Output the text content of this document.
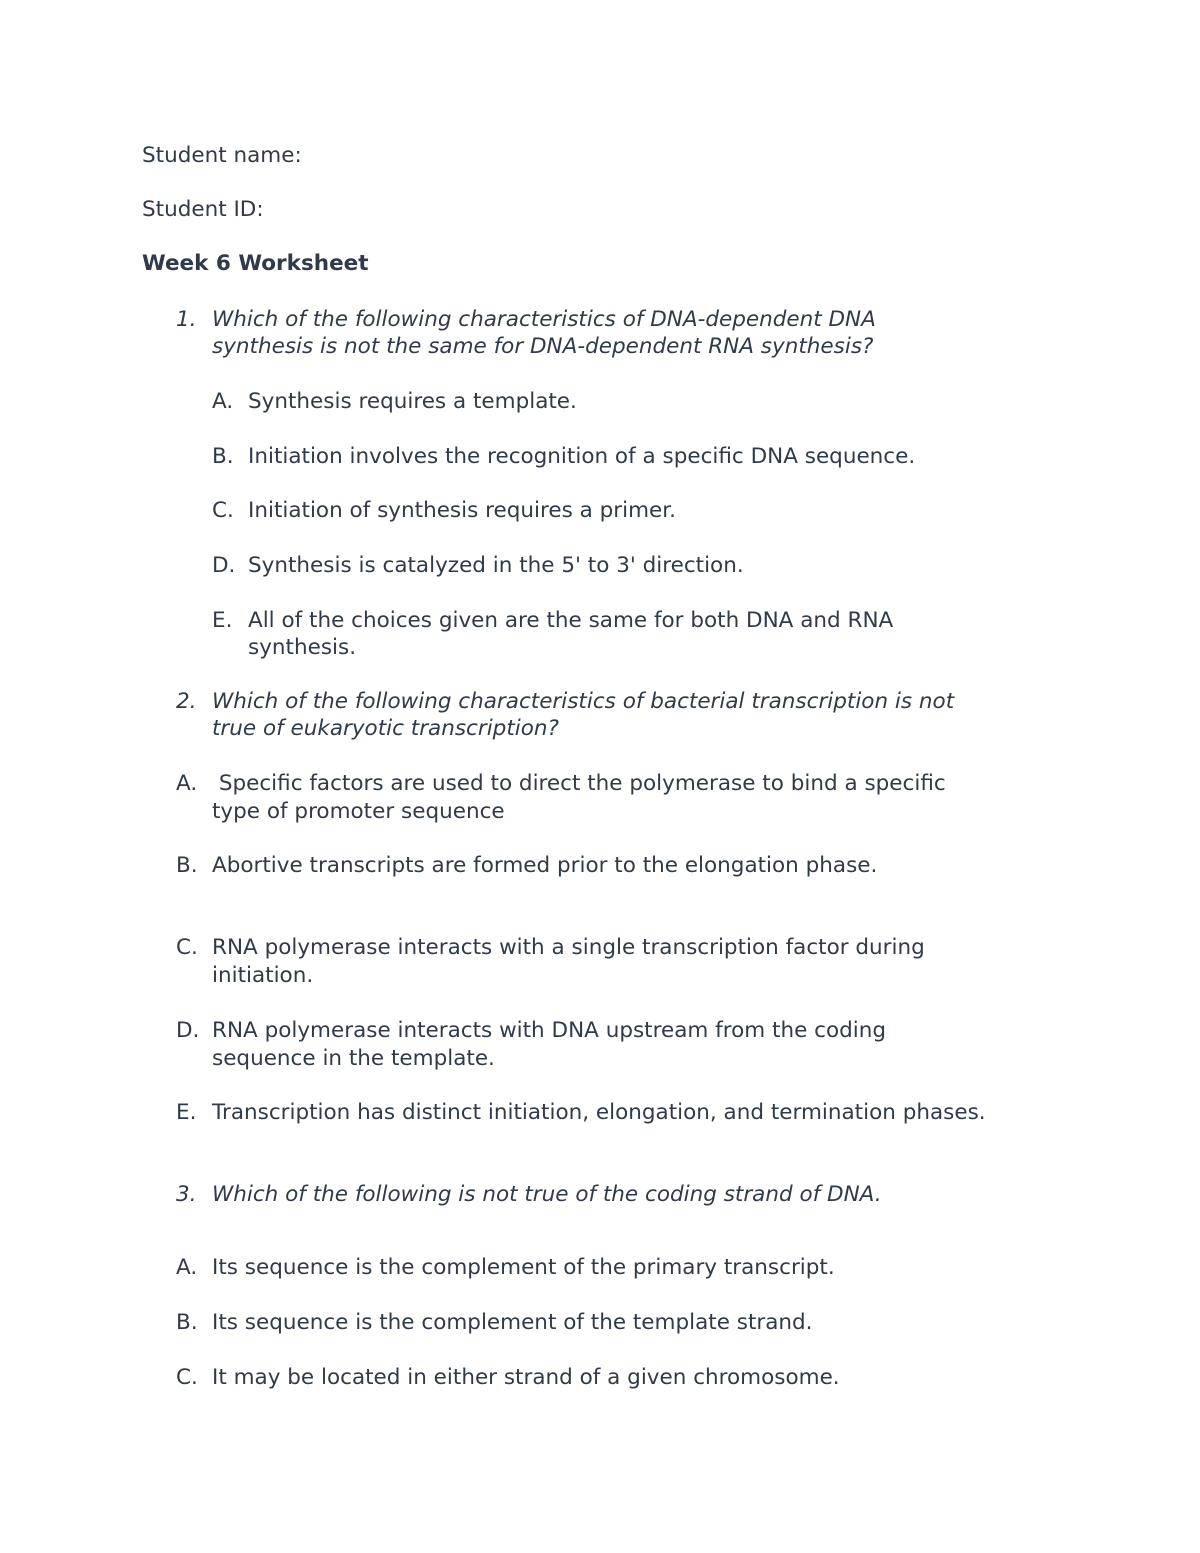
Student name:
Student ID:
Week 6 Worksheet
1. Which of the following characteristics of DNA-dependent DNA
synthesis is not the same for DNA-dependent RNA synthesis?
A. Synthesis requires a template.
B. Initiation involves the recognition of a specific DNA sequence.
C. Initiation of synthesis requires a primer.
D. Synthesis is catalyzed in the 5' to 3' direction.
E. All of the choices given are the same for both DNA and RNA
synthesis.
2. Which of the following characteristics of bacterial transcription is not
true of eukaryotic transcription?
A. Specific factors are used to direct the polymerase to bind a specific
type of promoter sequence
B. Abortive transcripts are formed prior to the elongation phase.
C. RNA polymerase interacts with a single transcription factor during
initiation.
D. RNA polymerase interacts with DNA upstream from the coding
sequence in the template.
E. Transcription has distinct initiation, elongation, and termination phases.
3. Which of the following is not true of the coding strand of DNA.
A. Its sequence is the complement of the primary transcript.
B. Its sequence is the complement of the template strand.
C. It may be located in either strand of a given chromosome.
